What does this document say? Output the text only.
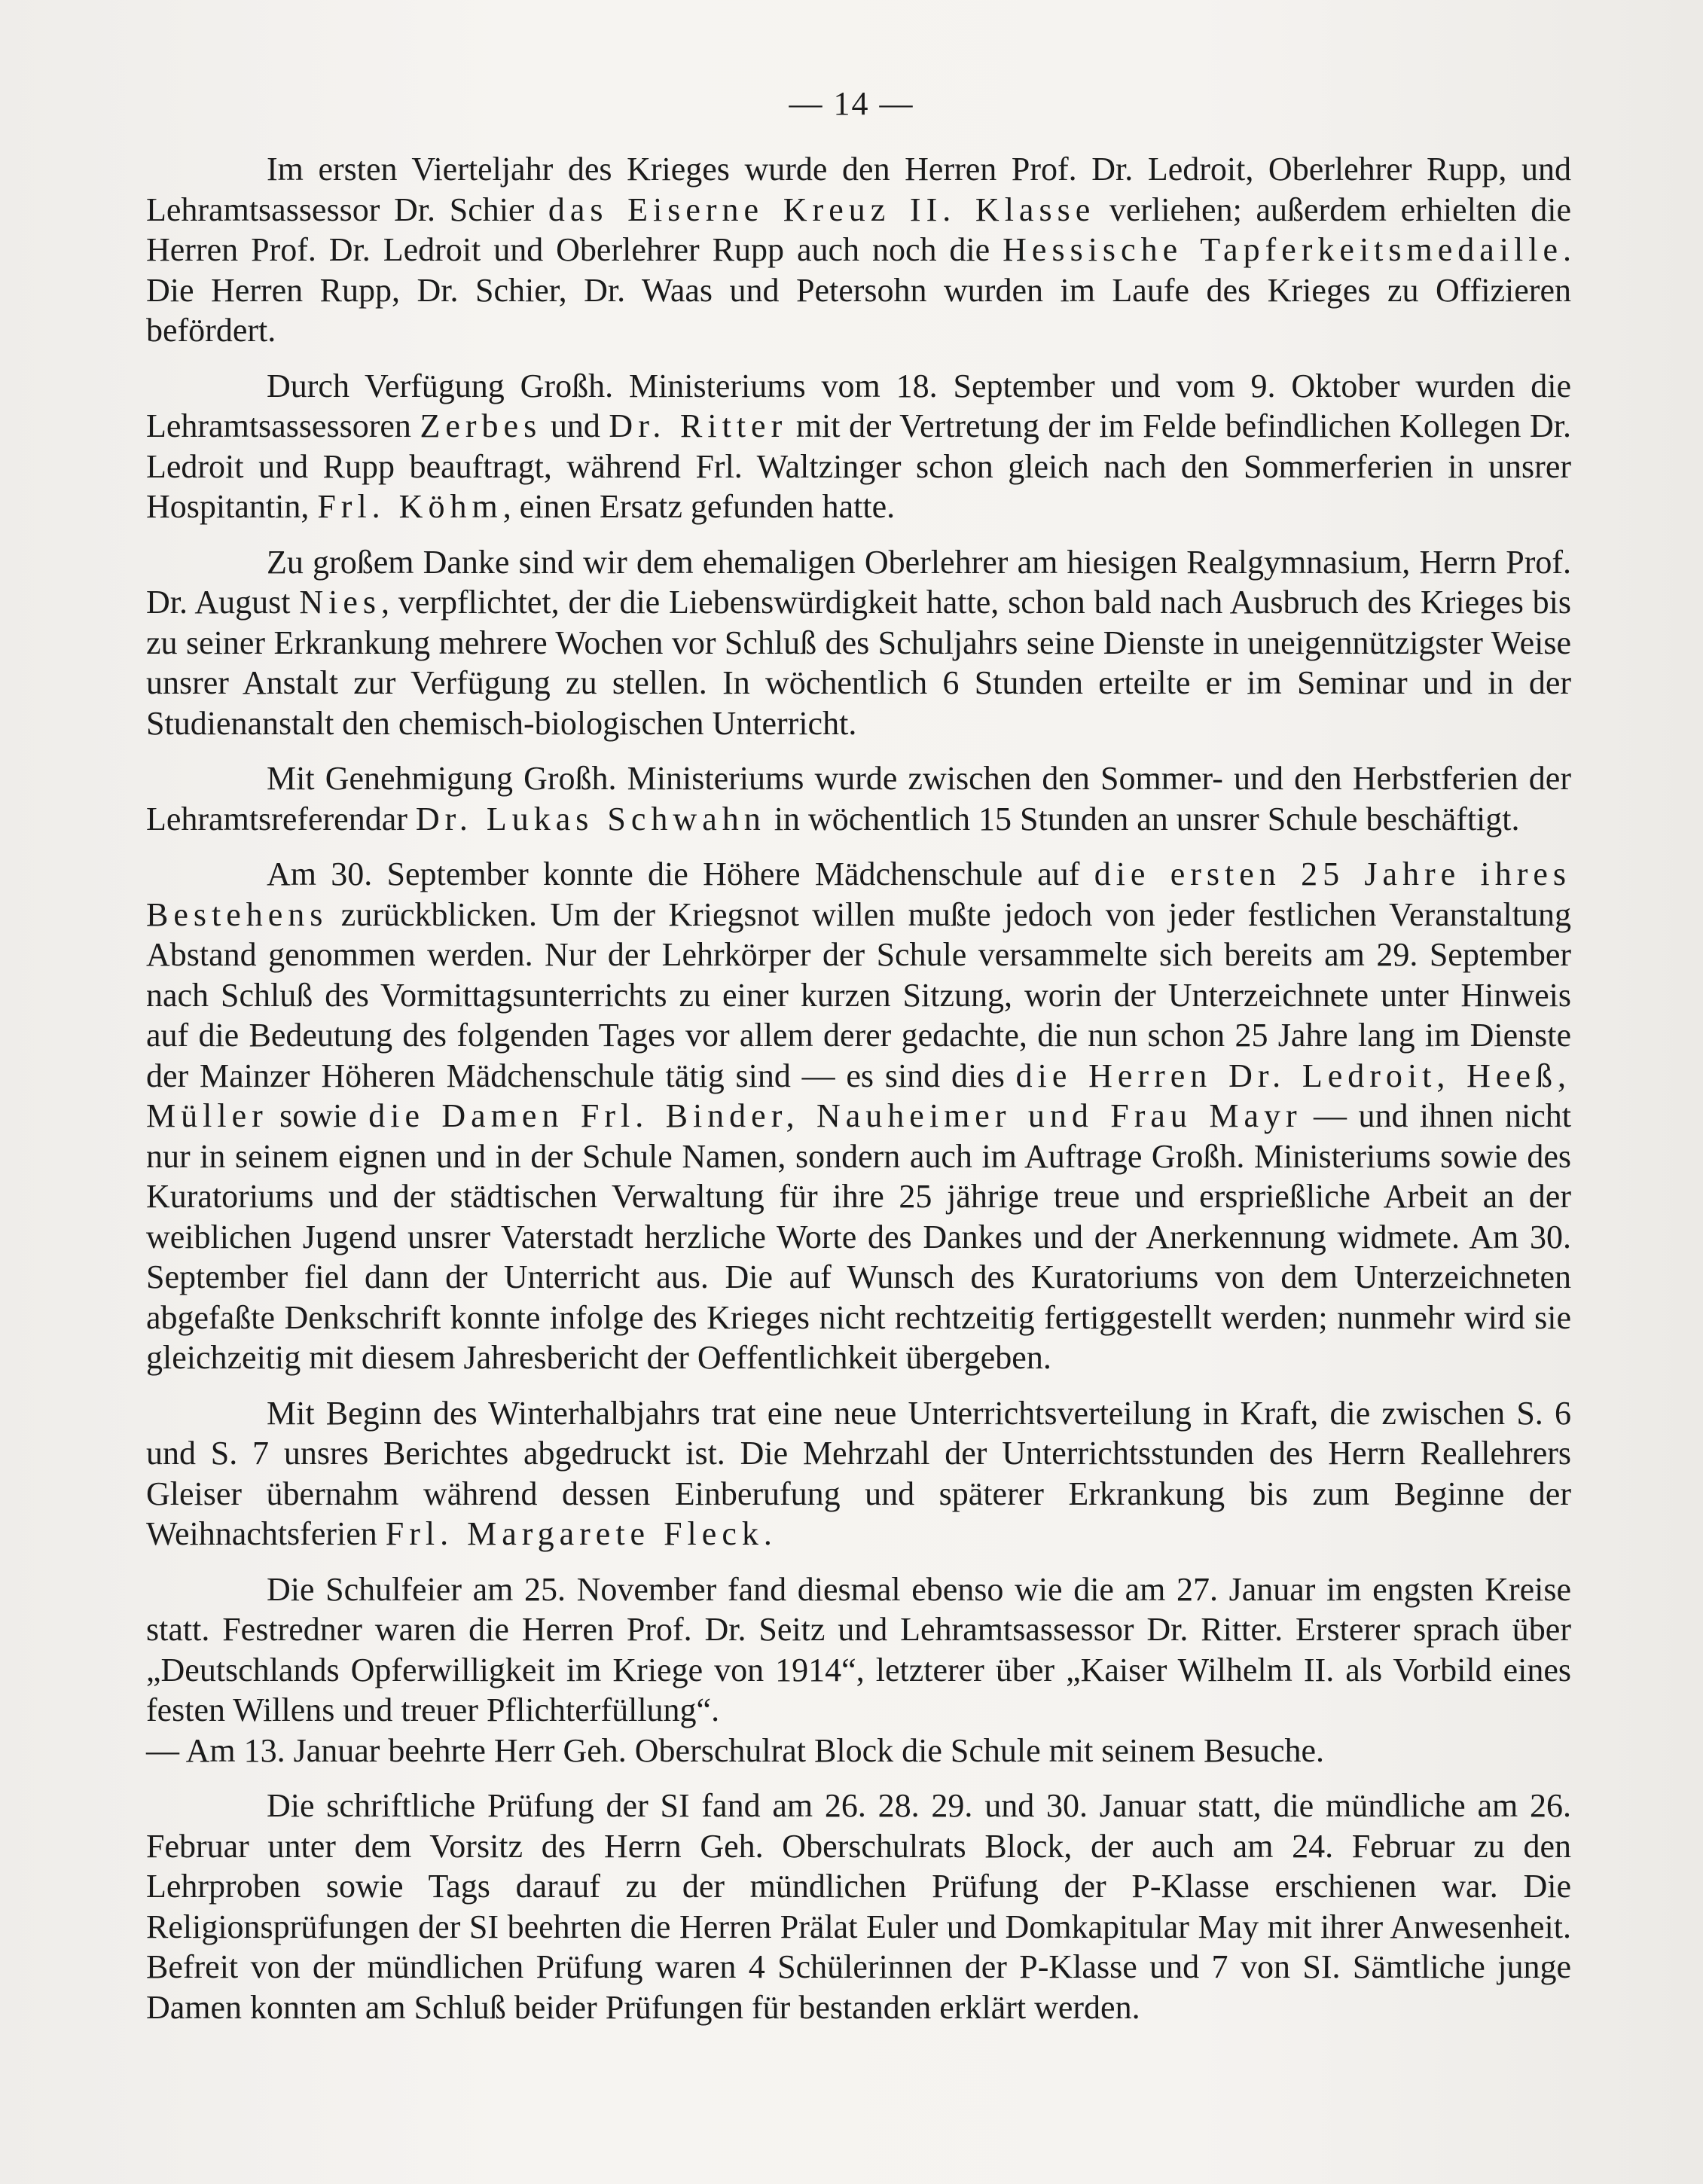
— 14 —

Im ersten Vierteljahr des Krieges wurde den Herren Prof. Dr. Ledroit, Oberlehrer Rupp, und Lehramtsassessor Dr. Schier das Eiserne Kreuz II. Klasse verliehen; außerdem erhielten die Herren Prof. Dr. Ledroit und Oberlehrer Rupp auch noch die Hessische Tapferkeitsmedaille. Die Herren Rupp, Dr. Schier, Dr. Waas und Petersohn wurden im Laufe des Krieges zu Offizieren befördert.

Durch Verfügung Großh. Ministeriums vom 18. September und vom 9. Oktober wurden die Lehramtsassessoren Zerbes und Dr. Ritter mit der Vertretung der im Felde befindlichen Kollegen Dr. Ledroit und Rupp beauftragt, während Frl. Waltzinger schon gleich nach den Sommerferien in unsrer Hospitantin, Frl. Köhm, einen Ersatz gefunden hatte.

Zu großem Danke sind wir dem ehemaligen Oberlehrer am hiesigen Realgymnasium, Herrn Prof. Dr. August Nies, verpflichtet, der die Liebenswürdigkeit hatte, schon bald nach Ausbruch des Krieges bis zu seiner Erkrankung mehrere Wochen vor Schluß des Schuljahrs seine Dienste in uneigennützigster Weise unsrer Anstalt zur Verfügung zu stellen. In wöchentlich 6 Stunden erteilte er im Seminar und in der Studienanstalt den chemisch-biologischen Unterricht.

Mit Genehmigung Großh. Ministeriums wurde zwischen den Sommer- und den Herbstferien der Lehramtsreferendar Dr. Lukas Schwahn in wöchentlich 15 Stunden an unsrer Schule beschäftigt.

Am 30. September konnte die Höhere Mädchenschule auf die ersten 25 Jahre ihres Bestehens zurückblicken. Um der Kriegsnot willen mußte jedoch von jeder festlichen Veranstaltung Abstand genommen werden. Nur der Lehrkörper der Schule versammelte sich bereits am 29. September nach Schluß des Vormittagsunterrichts zu einer kurzen Sitzung, worin der Unterzeichnete unter Hinweis auf die Bedeutung des folgenden Tages vor allem derer gedachte, die nun schon 25 Jahre lang im Dienste der Mainzer Höheren Mädchenschule tätig sind — es sind dies die Herren Dr. Ledroit, Heeß, Müller sowie die Damen Frl. Binder, Nauheimer und Frau Mayr — und ihnen nicht nur in seinem eignen und in der Schule Namen, sondern auch im Auftrage Großh. Ministeriums sowie des Kuratoriums und der städtischen Verwaltung für ihre 25 jährige treue und ersprießliche Arbeit an der weiblichen Jugend unsrer Vaterstadt herzliche Worte des Dankes und der Anerkennung widmete. Am 30. September fiel dann der Unterricht aus. Die auf Wunsch des Kuratoriums von dem Unterzeichneten abgefaßte Denkschrift konnte infolge des Krieges nicht rechtzeitig fertiggestellt werden; nunmehr wird sie gleichzeitig mit diesem Jahresbericht der Oeffentlichkeit übergeben.

Mit Beginn des Winterhalbjahrs trat eine neue Unterrichtsverteilung in Kraft, die zwischen S. 6 und S. 7 unsres Berichtes abgedruckt ist. Die Mehrzahl der Unterrichtsstunden des Herrn Reallehrers Gleiser übernahm während dessen Einberufung und späterer Erkrankung bis zum Beginne der Weihnachtsferien Frl. Margarete Fleck.

Die Schulfeier am 25. November fand diesmal ebenso wie die am 27. Januar im engsten Kreise statt. Festredner waren die Herren Prof. Dr. Seitz und Lehramtsassessor Dr. Ritter. Ersterer sprach über „Deutschlands Opferwilligkeit im Kriege von 1914“, letzterer über „Kaiser Wilhelm II. als Vorbild eines festen Willens und treuer Pflichterfüllung“.

— Am 13. Januar beehrte Herr Geh. Oberschulrat Block die Schule mit seinem Besuche.

Die schriftliche Prüfung der SI fand am 26. 28. 29. und 30. Januar statt, die mündliche am 26. Februar unter dem Vorsitz des Herrn Geh. Oberschulrats Block, der auch am 24. Februar zu den Lehrproben sowie Tags darauf zu der mündlichen Prüfung der P-Klasse erschienen war. Die Religionsprüfungen der SI beehrten die Herren Prälat Euler und Domkapitular May mit ihrer Anwesenheit. Befreit von der mündlichen Prüfung waren 4 Schülerinnen der P-Klasse und 7 von SI. Sämtliche junge Damen konnten am Schluß beider Prüfungen für bestanden erklärt werden.
